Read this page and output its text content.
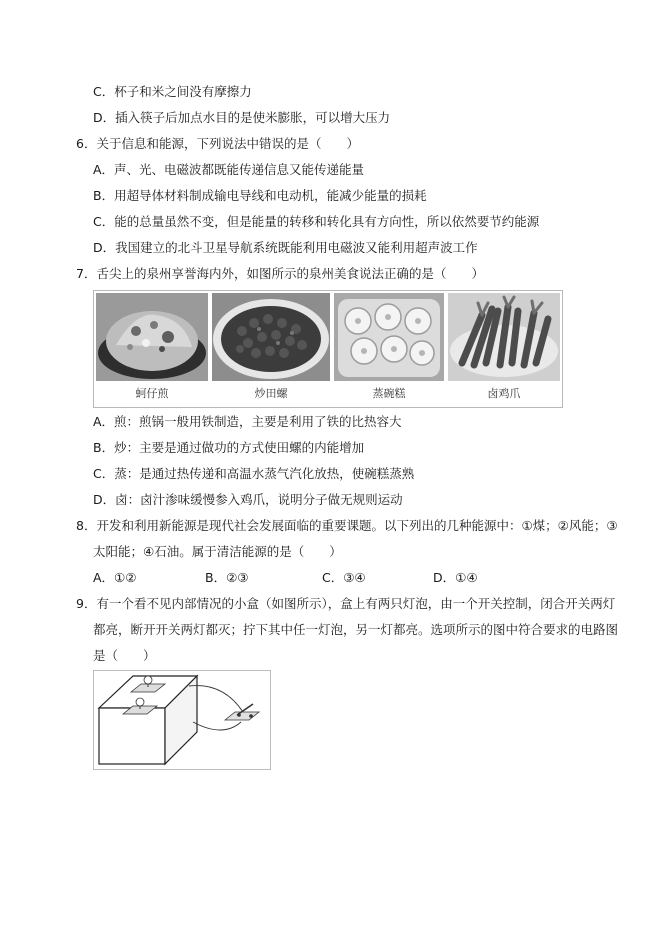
C．杯子和米之间没有摩擦力
D．插入筷子后加点水目的是使米膨胀，可以增大压力
6．关于信息和能源，下列说法中错误的是（　　）
A．声、光、电磁波都既能传递信息又能传递能量
B．用超导体材料制成输电导线和电动机，能减少能量的损耗
C．能的总量虽然不变，但是能量的转移和转化具有方向性，所以依然要节约能源
D．我国建立的北斗卫星导航系统既能利用电磁波又能利用超声波工作
7．舌尖上的泉州享誉海内外，如图所示的泉州美食说法正确的是（　　）
蚵仔煎	炒田螺	蒸碗糕	卤鸡爪
A．煎：煎锅一般用铁制造，主要是利用了铁的比热容大
B．炒：主要是通过做功的方式使田螺的内能增加
C．蒸：是通过热传递和高温水蒸气汽化放热，使碗糕蒸熟
D．卤：卤汁渗味缓慢参入鸡爪，说明分子做无规则运动
8．开发和利用新能源是现代社会发展面临的重要课题。以下列出的几种能源中：①煤；②风能；③
太阳能；④石油。属于清洁能源的是（　　）
A．①②	B．②③	C．③④	D．①④
9．有一个看不见内部情况的小盒（如图所示），盒上有两只灯泡，由一个开关控制，闭合开关两灯
都亮，断开开关两灯都灭；拧下其中任一灯泡，另一灯都亮。选项所示的图中符合要求的电路图
是（　　）
